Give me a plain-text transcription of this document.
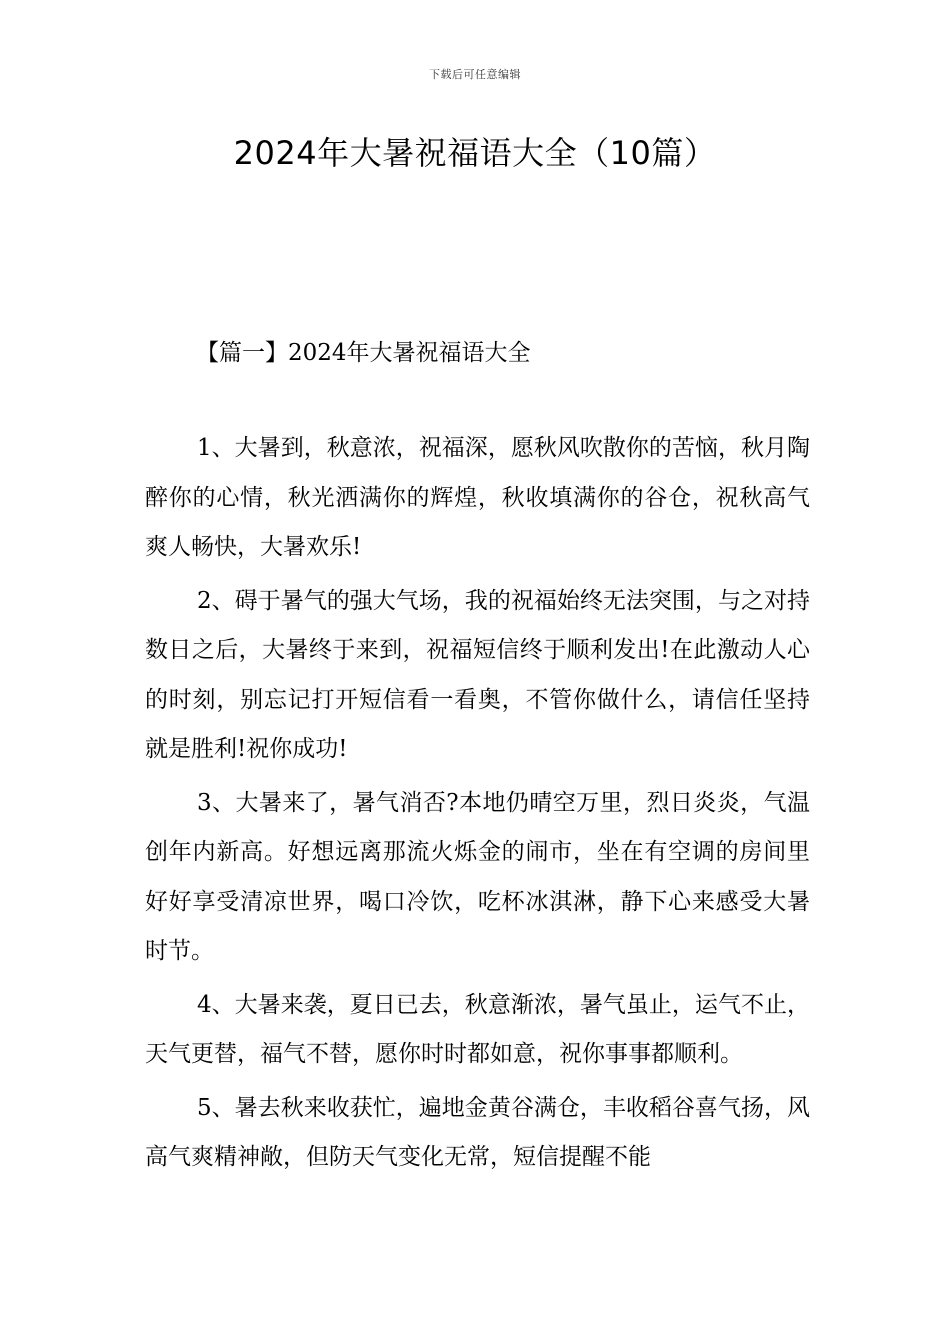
下载后可任意编辑
2024年大暑祝福语大全（10篇）
【篇一】2024年大暑祝福语大全

1、大暑到，秋意浓，祝福深，愿秋风吹散你的苦恼，秋月陶醉你的心情，秋光洒满你的辉煌，秋收填满你的谷仓，祝秋高气爽人畅快，大暑欢乐!

2、碍于暑气的强大气场，我的祝福始终无法突围，与之对持数日之后，大暑终于来到，祝福短信终于顺利发出!在此激动人心的时刻，别忘记打开短信看一看奥，不管你做什么，请信任坚持就是胜利!祝你成功!

3、大暑来了，暑气消否?本地仍晴空万里，烈日炎炎，气温创年内新高。好想远离那流火烁金的闹市，坐在有空调的房间里好好享受清凉世界，喝口冷饮，吃杯冰淇淋，静下心来感受大暑时节。

4、大暑来袭，夏日已去，秋意渐浓，暑气虽止，运气不止，天气更替，福气不替，愿你时时都如意，祝你事事都顺利。

5、暑去秋来收获忙，遍地金黄谷满仓，丰收稻谷喜气扬，风高气爽精神敞，但防天气变化无常，短信提醒不能
